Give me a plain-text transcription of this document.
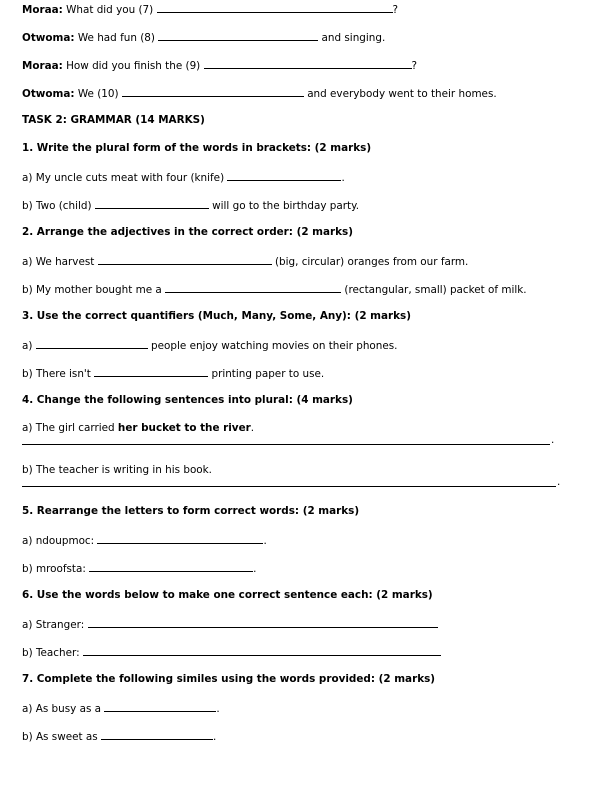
Moraa: What did you (7)	?
Otwoma: We had fun (8)	and singing.
Moraa: How did you finish the (9)	?
Otwoma: We (10)	and everybody went to their homes.
TASK 2: GRAMMAR (14 MARKS)
1. Write the plural form of the words in brackets: (2 marks)
a) My uncle cuts meat with four (knife)	.
b) Two (child)	will go to the birthday party.
2. Arrange the adjectives in the correct order: (2 marks)
a) We harvest	(big, circular) oranges from our farm.
b) My mother bought me a	(rectangular, small) packet of milk.
3. Use the correct quantifiers (Much, Many, Some, Any): (2 marks)
a)	people enjoy watching movies on their phones.
b) There isn't	printing paper to use.
4. Change the following sentences into plural: (4 marks)
a) The girl carried her bucket to the river.
.
b) The teacher is writing in his book.
.
5. Rearrange the letters to form correct words: (2 marks)
a) ndoupmoc:	.
b) mroofsta:	.
6. Use the words below to make one correct sentence each: (2 marks)
a) Stranger:
b) Teacher:
7. Complete the following similes using the words provided: (2 marks)
a) As busy as a	.
b) As sweet as	.
